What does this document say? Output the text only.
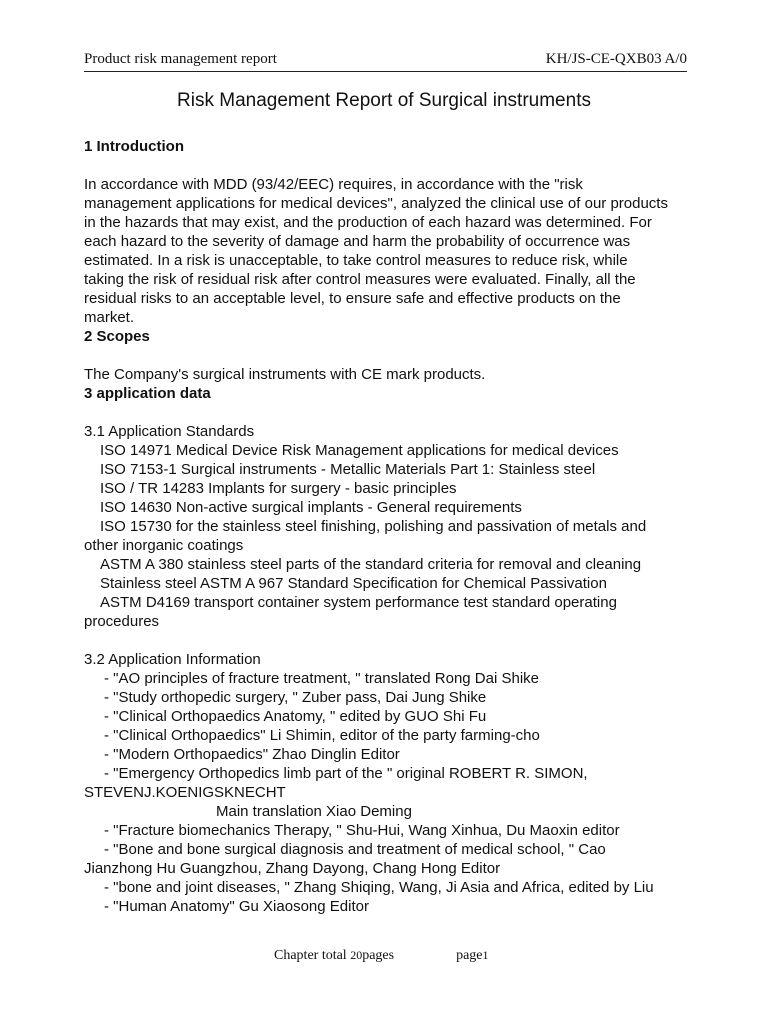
Product risk management report	KH/JS-CE-QXB03 A/0
Risk Management Report of Surgical instruments
1 Introduction
In accordance with MDD (93/42/EEC) requires, in accordance with the "risk
management applications for medical devices", analyzed the clinical use of our products
in the hazards that may exist, and the production of each hazard was determined. For
each hazard to the severity of damage and harm the probability of occurrence was
estimated. In a risk is unacceptable, to take control measures to reduce risk, while
taking the risk of residual risk after control measures were evaluated. Finally, all the
residual risks to an acceptable level, to ensure safe and effective products on the
market.
2 Scopes
The Company's surgical instruments with CE mark products.
3 application data
3.1 Application Standards
ISO 14971 Medical Device Risk Management applications for medical devices
ISO 7153-1 Surgical instruments - Metallic Materials Part 1: Stainless steel
ISO / TR 14283 Implants for surgery - basic principles
ISO 14630 Non-active surgical implants - General requirements
ISO 15730 for the stainless steel finishing, polishing and passivation of metals and
other inorganic coatings
ASTM A 380 stainless steel parts of the standard criteria for removal and cleaning
Stainless steel ASTM A 967 Standard Specification for Chemical Passivation
ASTM D4169 transport container system performance test standard operating
procedures
3.2 Application Information
- "AO principles of fracture treatment, " translated Rong Dai Shike
- "Study orthopedic surgery, " Zuber pass, Dai Jung Shike
- "Clinical Orthopaedics Anatomy, " edited by GUO Shi Fu
- "Clinical Orthopaedics" Li Shimin, editor of the party farming-cho
- "Modern Orthopaedics" Zhao Dinglin Editor
- "Emergency Orthopedics limb part of the " original ROBERT R. SIMON,
STEVENJ.KOENIGSKNECHT
Main translation Xiao Deming
- "Fracture biomechanics Therapy, " Shu-Hui, Wang Xinhua, Du Maoxin editor
- "Bone and bone surgical diagnosis and treatment of medical school, " Cao
Jianzhong Hu Guangzhou, Zhang Dayong, Chang Hong Editor
- "bone and joint diseases, " Zhang Shiqing, Wang, Ji Asia and Africa, edited by Liu
- "Human Anatomy" Gu Xiaosong Editor
Chapter total 20pages	page1
